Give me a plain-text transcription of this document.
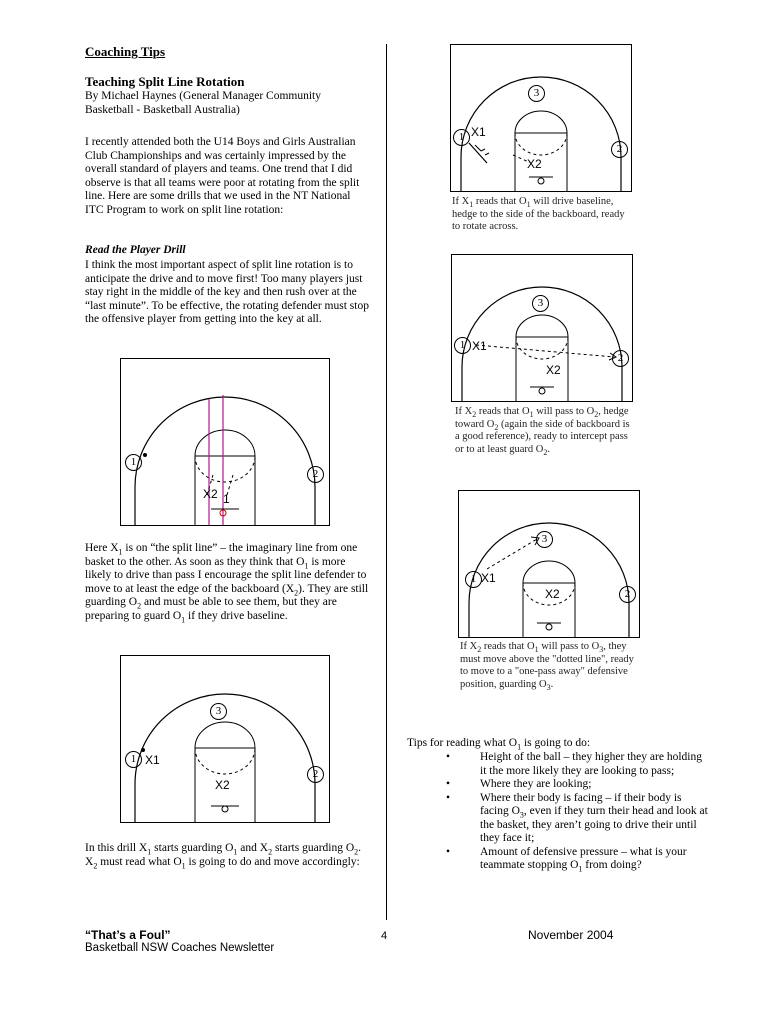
Coaching Tips
Teaching Split Line Rotation
By Michael Haynes (General Manager Community Basketball - Basketball Australia)
I recently attended both the U14 Boys and Girls Australian Club Championships and was certainly impressed by the overall standard of players and teams. One trend that I did observe is that all teams were poor at rotating from the split line. Here are some drills that we used in the NT National ITC Program to work on split line rotation:
Read the Player Drill
I think the most important aspect of split line rotation is to anticipate the drive and to move first! Too many players just stay right in the middle of the key and then rush over at the “last minute”. To be effective, the rotating defender must stop the offensive player from getting into the key at all.
1
2
X2 1
Here $X_1$ is on “the split line” – the imaginary line from one basket to the other. As soon as they think that $O_1$ is more likely to drive than pass I encourage the split line defender to move to at least the edge of the backboard $(X_2)$. They are still guarding $O_2$ and must be able to see them, but they are preparing to guard $O_1$ if they drive baseline.
3
1 X1
2
X2
In this drill $X_1$ starts guarding $O_1$ and $X_2$ starts guarding $O_2$. $X_2$ must read what $O_1$ is going to do and move accordingly:
3
1 X1
2
X2
If $X_1$ reads that $O_1$ will drive baseline, hedge to the side of the backboard, ready to rotate across.
3
1 X1
2
X2
If $X_2$ reads that $O_1$ will pass to $O_2$, hedge toward $O_2$ (again the side of backboard is a good reference), ready to intercept pass or to at least guard $O_2$.
3
1 X1
2
X2
If $X_2$ reads that $O_1$ will pass to $O_3$, they must move above the "dotted line", ready to move to a "one-pass away" defensive position, guarding $O_3$.
Tips for reading what $O_1$ is going to do:
•	Height of the ball – they higher they are holding it the more likely they are looking to pass;
•	Where they are looking;
•	Where their body is facing – if their body is facing $O_3$, even if they turn their head and look at the basket, they aren’t going to drive their until they face it;
•	Amount of defensive pressure – what is your teammate stopping $O_1$ from doing?
“That’s a Foul”
Basketball NSW Coaches Newsletter
4	November 2004
